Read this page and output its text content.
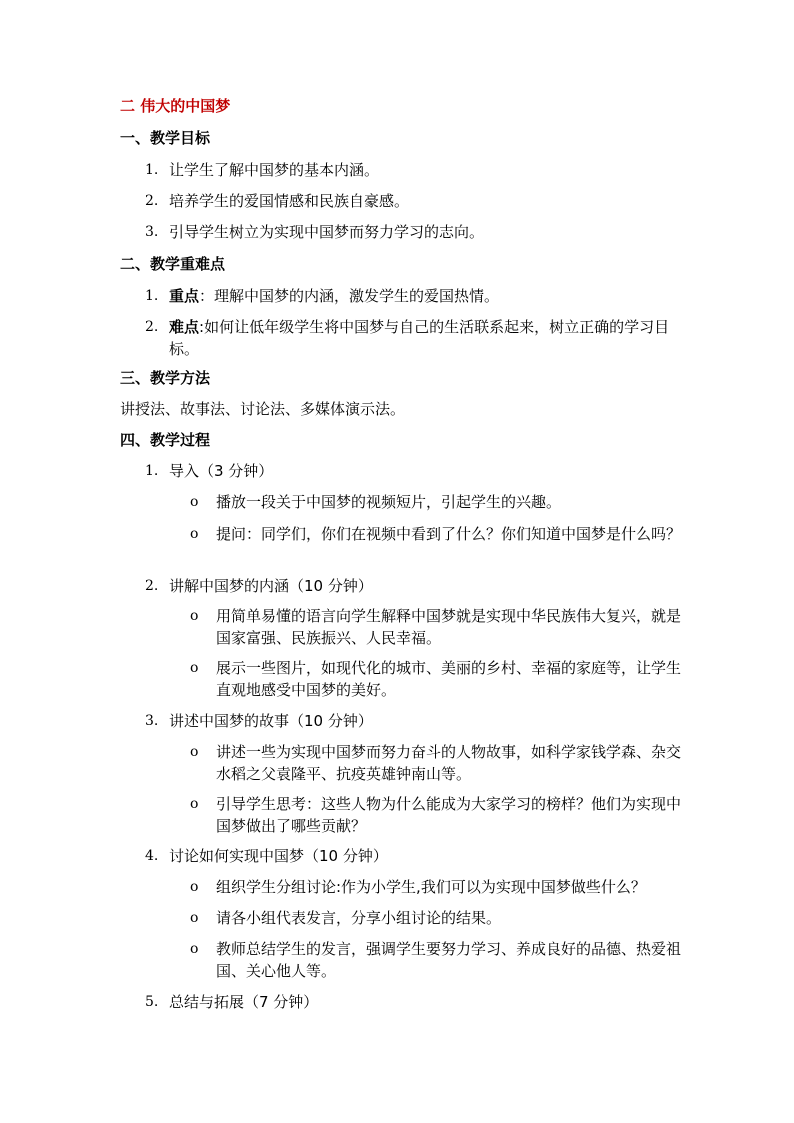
二 伟大的中国梦
一、教学目标
1. 让学生了解中国梦的基本内涵。
2. 培养学生的爱国情感和民族自豪感。
3. 引导学生树立为实现中国梦而努力学习的志向。
二、教学重难点
1. 重点：理解中国梦的内涵，激发学生的爱国热情。
2. 难点:如何让低年级学生将中国梦与自己的生活联系起来，树立正确的学习目标。
三、教学方法
讲授法、故事法、讨论法、多媒体演示法。
四、教学过程
1. 导入（3 分钟）
o	播放一段关于中国梦的视频短片，引起学生的兴趣。
o	提问：同学们，你们在视频中看到了什么？你们知道中国梦是什么吗？
2. 讲解中国梦的内涵（10 分钟）
o	用简单易懂的语言向学生解释中国梦就是实现中华民族伟大复兴，就是国家富强、民族振兴、人民幸福。
o	展示一些图片，如现代化的城市、美丽的乡村、幸福的家庭等，让学生直观地感受中国梦的美好。
3. 讲述中国梦的故事（10 分钟）
o	讲述一些为实现中国梦而努力奋斗的人物故事，如科学家钱学森、杂交水稻之父袁隆平、抗疫英雄钟南山等。
o	引导学生思考：这些人物为什么能成为大家学习的榜样？他们为实现中国梦做出了哪些贡献？
4. 讨论如何实现中国梦（10 分钟）
o	组织学生分组讨论:作为小学生,我们可以为实现中国梦做些什么？
o	请各小组代表发言，分享小组讨论的结果。
o	教师总结学生的发言，强调学生要努力学习、养成良好的品德、热爱祖国、关心他人等。
5. 总结与拓展（7 分钟）
